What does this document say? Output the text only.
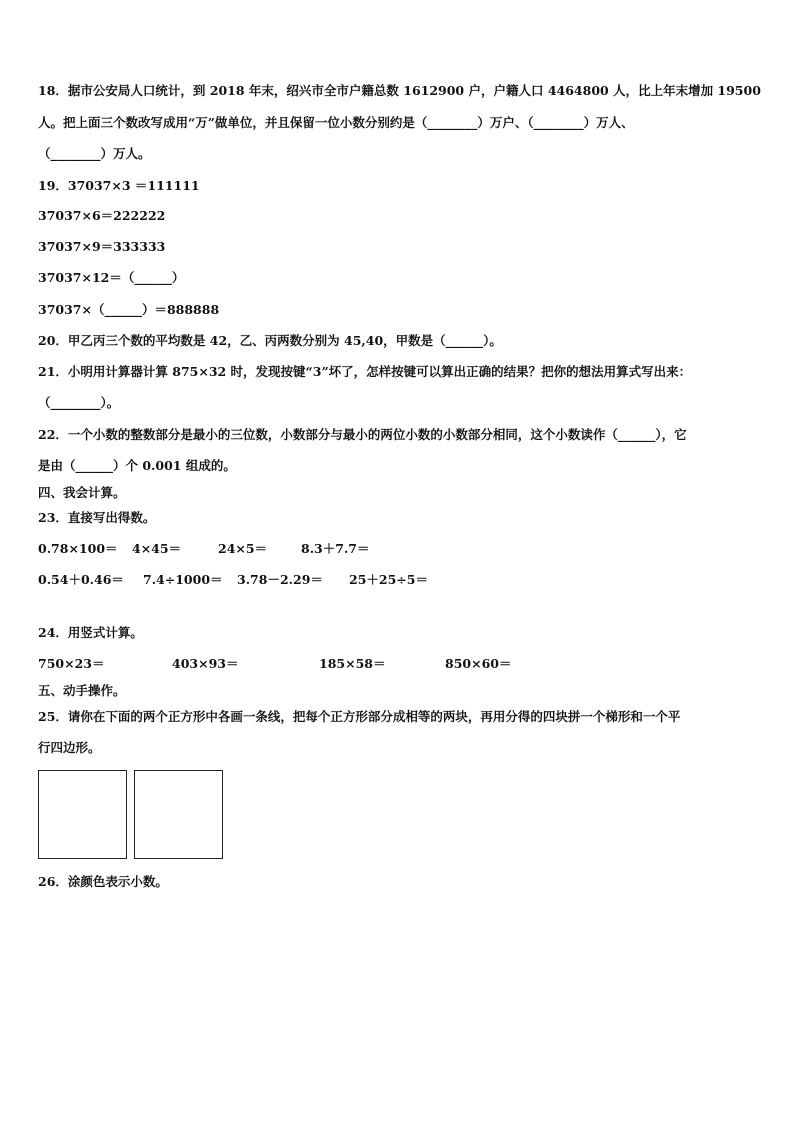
18．据市公安局人口统计，到 2018 年末，绍兴市全市户籍总数 1612900 户，户籍人口 4464800 人，比上年末增加 19500
人。把上面三个数改写成用“万”做单位，并且保留一位小数分别约是（________）万户、（________）万人、
（________）万人。
19．37037×3 ＝111111
37037×6＝222222
37037×9＝333333
37037×12＝（______）
37037×（______）＝888888
20．甲乙丙三个数的平均数是 42，乙、丙两数分别为 45,40，甲数是（______）。
21．小明用计算器计算 875×32 时，发现按键“3”坏了，怎样按键可以算出正确的结果？把你的想法用算式写出来：
（________）。
22．一个小数的整数部分是最小的三位数，小数部分与最小的两位小数的小数部分相同，这个小数读作（______），它
是由（______）个 0.001 组成的。
四、我会计算。
23．直接写出得数。
0.78×100＝ 4×45＝	24×5＝	8.3＋7.7＝
0.54＋0.46＝ 7.4÷1000＝ 3.78－2.29＝ 25＋25÷5＝
24．用竖式计算。
750×23＝	403×93＝	185×58＝	850×60＝
五、动手操作。
25．请你在下面的两个正方形中各画一条线，把每个正方形部分成相等的两块，再用分得的四块拼一个梯形和一个平
行四边形。
26．涂颜色表示小数。
